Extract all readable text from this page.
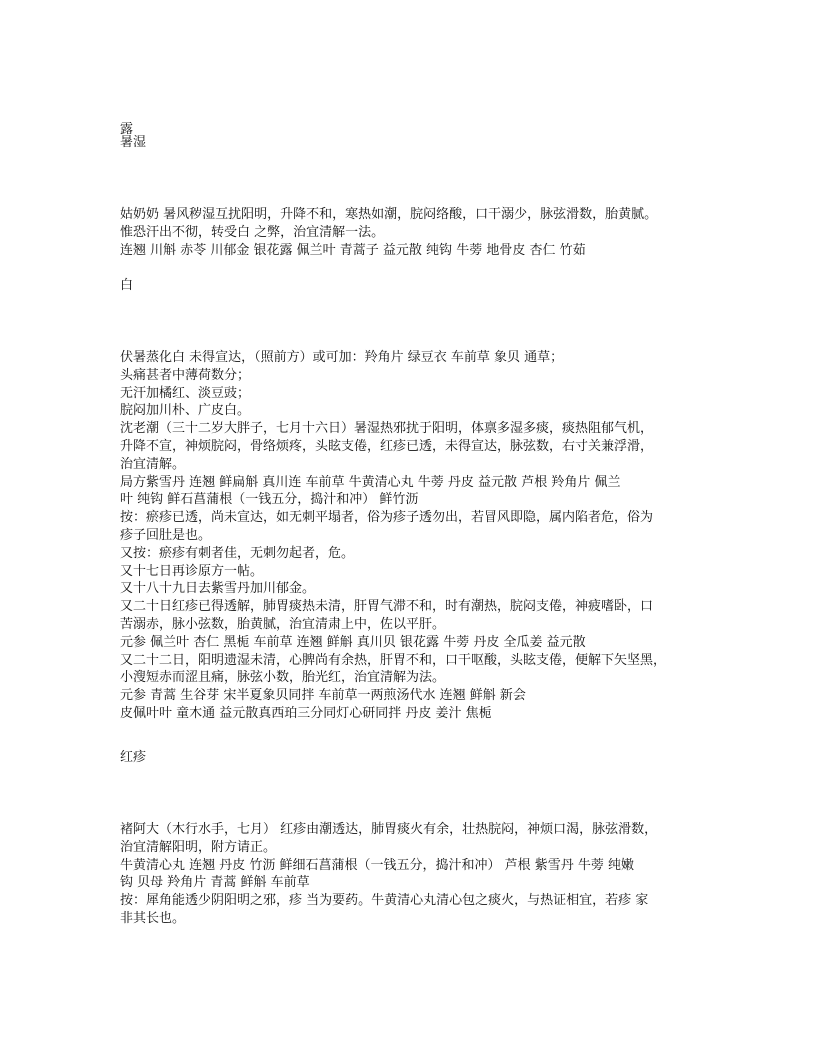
露
暑湿
姑奶奶 暑风秽湿互扰阳明，升降不和，寒热如潮，脘闷络酸，口干溺少，脉弦滑数，胎黄腻。
惟恐汗出不彻，转受白 之弊，治宜清解一法。
连翘 川斛 赤苓 川郁金 银花露 佩兰叶 青蒿子 益元散 纯钩 牛蒡 地骨皮 杏仁 竹茹
白
伏暑蒸化白 未得宣达，（照前方）或可加：羚角片 绿豆衣 车前草 象贝 通草；
头痛甚者中薄荷数分；
无汗加橘红、淡豆豉；
脘闷加川朴、广皮白。
沈老潮（三十二岁大胖子，七月十六日）暑湿热邪扰于阳明，体禀多湿多痰，痰热阻郁气机，
升降不宣，神烦脘闷，骨络烦疼，头眩支倦，红疹已透，未得宣达，脉弦数，右寸关兼浮滑，
治宜清解。
局方紫雪丹 连翘 鲜扁斛 真川连 车前草 牛黄清心丸 牛蒡 丹皮 益元散 芦根 羚角片 佩兰
叶 纯钩 鲜石菖蒲根（一钱五分，捣汁和冲） 鲜竹沥
按：瘀疹已透，尚未宣达，如无刺平塌者，俗为疹子透勿出，若冒风即隐，属内陷者危，俗为
疹子回肚是也。
又按：瘀疹有刺者佳，无刺勿起者，危。
又十七日再诊原方一帖。
又十八十九日去紫雪丹加川郁金。
又二十日红疹已得透解，肺胃痰热未清，肝胃气滞不和，时有潮热，脘闷支倦，神疲嗜卧，口
苦溺赤，脉小弦数，胎黄腻，治宜清肃上中，佐以平肝。
元参 佩兰叶 杏仁 黑栀 车前草 连翘 鲜斛 真川贝 银花露 牛蒡 丹皮 全瓜姜 益元散
又二十二日，阳明遗湿未清，心脾尚有余热，肝胃不和，口干呕酸，头眩支倦，便解下矢坚黑，
小溲短赤而涩且痛，脉弦小数，胎光红，治宜清解为法。
元参 青蒿 生谷芽 宋半夏象贝同拌 车前草一两煎汤代水 连翘 鲜斛 新会
皮佩叶叶 童木通 益元散真西珀三分同灯心研同拌 丹皮 姜汁 焦栀
红疹
褚阿大（木行水手，七月） 红疹由潮透达，肺胃痰火有余，壮热脘闷，神烦口渴，脉弦滑数，
治宜清解阳明，附方请正。
牛黄清心丸 连翘 丹皮 竹沥 鲜细石菖蒲根（一钱五分，捣汁和冲） 芦根 紫雪丹 牛蒡 纯嫩
钩 贝母 羚角片 青蒿 鲜斛 车前草
按：犀角能透少阴阳明之邪，疹 当为要药。牛黄清心丸清心包之痰火，与热证相宜，若疹 家
非其长也。
